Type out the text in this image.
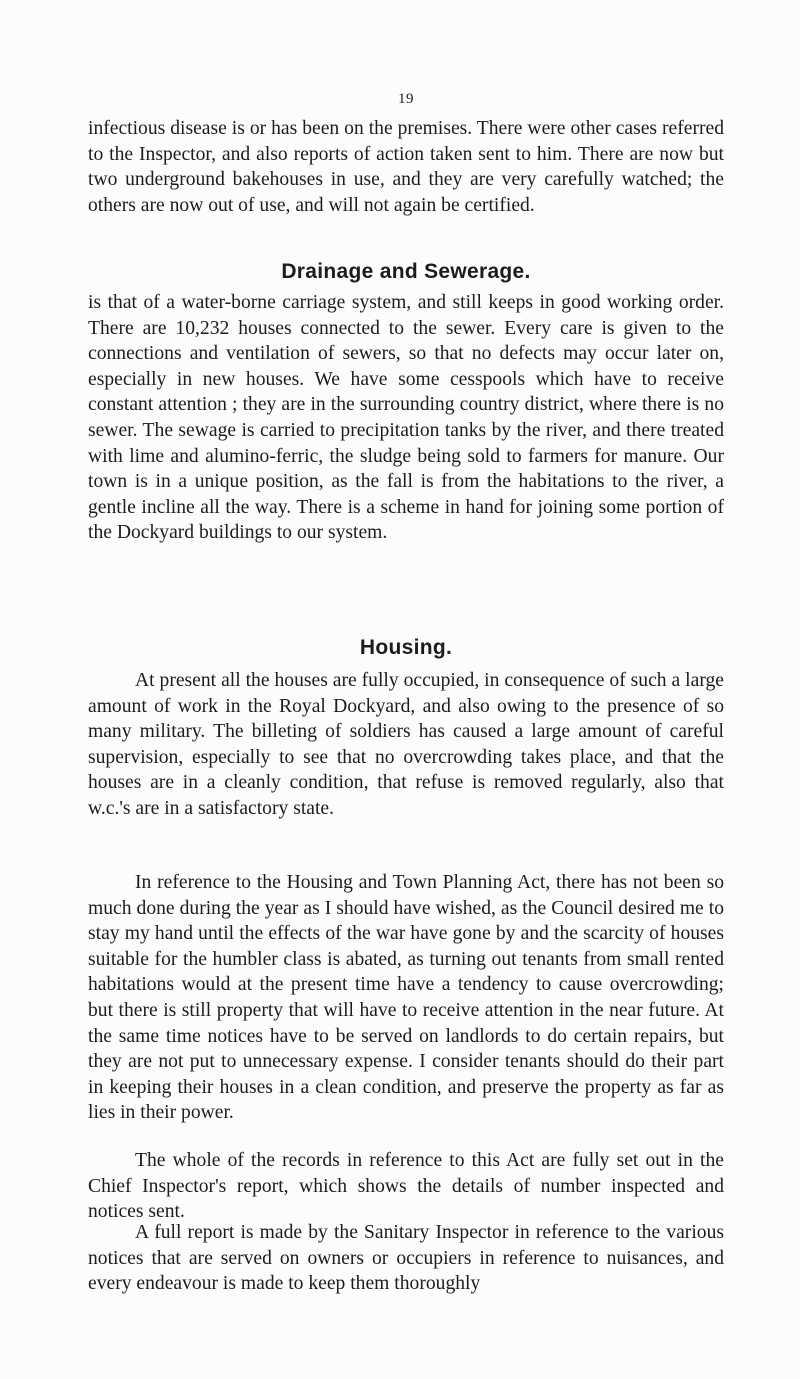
19

infectious disease is or has been on the premises. There were other cases referred to the Inspector, and also reports of action taken sent to him. There are now but two underground bakehouses in use, and they are very carefully watched; the others are now out of use, and will not again be certified.

Drainage and Sewerage.

is that of a water-borne carriage system, and still keeps in good working order. There are 10,232 houses connected to the sewer. Every care is given to the connections and ventilation of sewers, so that no defects may occur later on, especially in new houses. We have some cesspools which have to receive constant attention ; they are in the surrounding country district, where there is no sewer. The sewage is carried to precipitation tanks by the river, and there treated with lime and alumino-ferric, the sludge being sold to farmers for manure. Our town is in a unique position, as the fall is from the habitations to the river, a gentle incline all the way. There is a scheme in hand for joining some portion of the Dockyard buildings to our system.

Housing.

At present all the houses are fully occupied, in consequence of such a large amount of work in the Royal Dockyard, and also owing to the presence of so many military. The billeting of soldiers has caused a large amount of careful supervision, especially to see that no overcrowding takes place, and that the houses are in a cleanly condition, that refuse is removed regularly, also that w.c.'s are in a satisfactory state.

In reference to the Housing and Town Planning Act, there has not been so much done during the year as I should have wished, as the Council desired me to stay my hand until the effects of the war have gone by and the scarcity of houses suitable for the humbler class is abated, as turning out tenants from small rented habitations would at the present time have a tendency to cause overcrowding; but there is still property that will have to receive attention in the near future. At the same time notices have to be served on landlords to do certain repairs, but they are not put to unnecessary expense. I consider tenants should do their part in keeping their houses in a clean condition, and preserve the property as far as lies in their power.

The whole of the records in reference to this Act are fully set out in the Chief Inspector's report, which shows the details of number inspected and notices sent.

A full report is made by the Sanitary Inspector in reference to the various notices that are served on owners or occupiers in reference to nuisances, and every endeavour is made to keep them thoroughly
